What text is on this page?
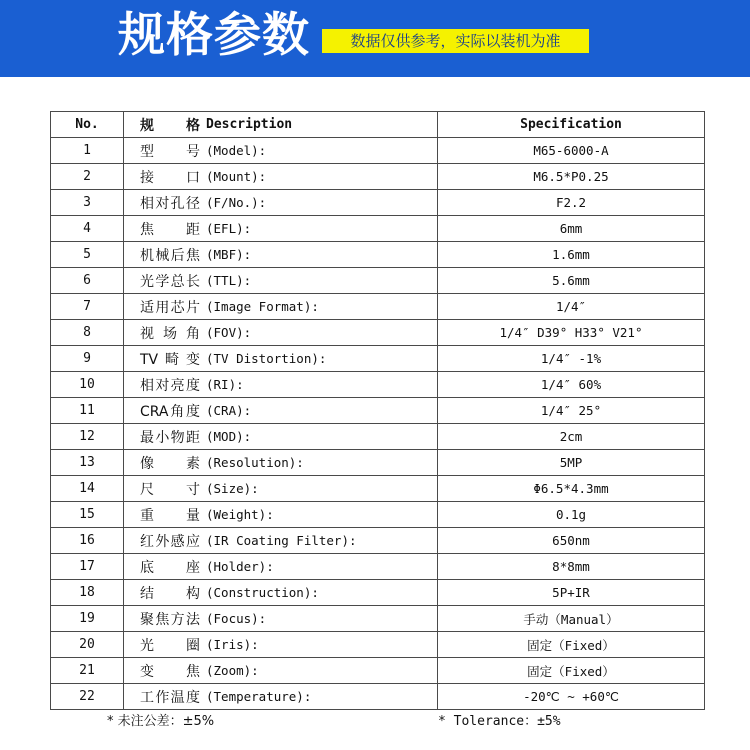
规格参数	数据仅供参考，实际以装机为准
No.	规格 Description	Specification
1	型号 (Model):	M65-6000-A
2	接口 (Mount):	M6.5*P0.25
3	相对孔径 (F/No.):	F2.2
4	焦距 (EFL):	6mm
5	机械后焦 (MBF):	1.6mm
6	光学总长 (TTL):	5.6mm
7	适用芯片 (Image Format):	1/4″
8	视场角 (FOV):	1/4″ D39° H33° V21°
9	TV畸变 (TV Distortion):	1/4″ -1%
10	相对亮度 (RI):	1/4″ 60%
11	CRA角度 (CRA):	1/4″ 25°
12	最小物距 (MOD):	2cm
13	像素 (Resolution):	5MP
14	尺寸 (Size):	Φ6.5*4.3mm
15	重量 (Weight):	0.1g
16	红外感应 (IR Coating Filter):	650nm
17	底座 (Holder):	8*8mm
18	结构 (Construction):	5P+IR
19	聚焦方法 (Focus):	手动（Manual）
20	光圈 (Iris):	固定（Fixed）
21	变焦 (Zoom):	固定（Fixed）
22	工作温度 (Temperature):	-20℃ ~ +60℃
* 未注公差：±5%	* Tolerance：±5%
